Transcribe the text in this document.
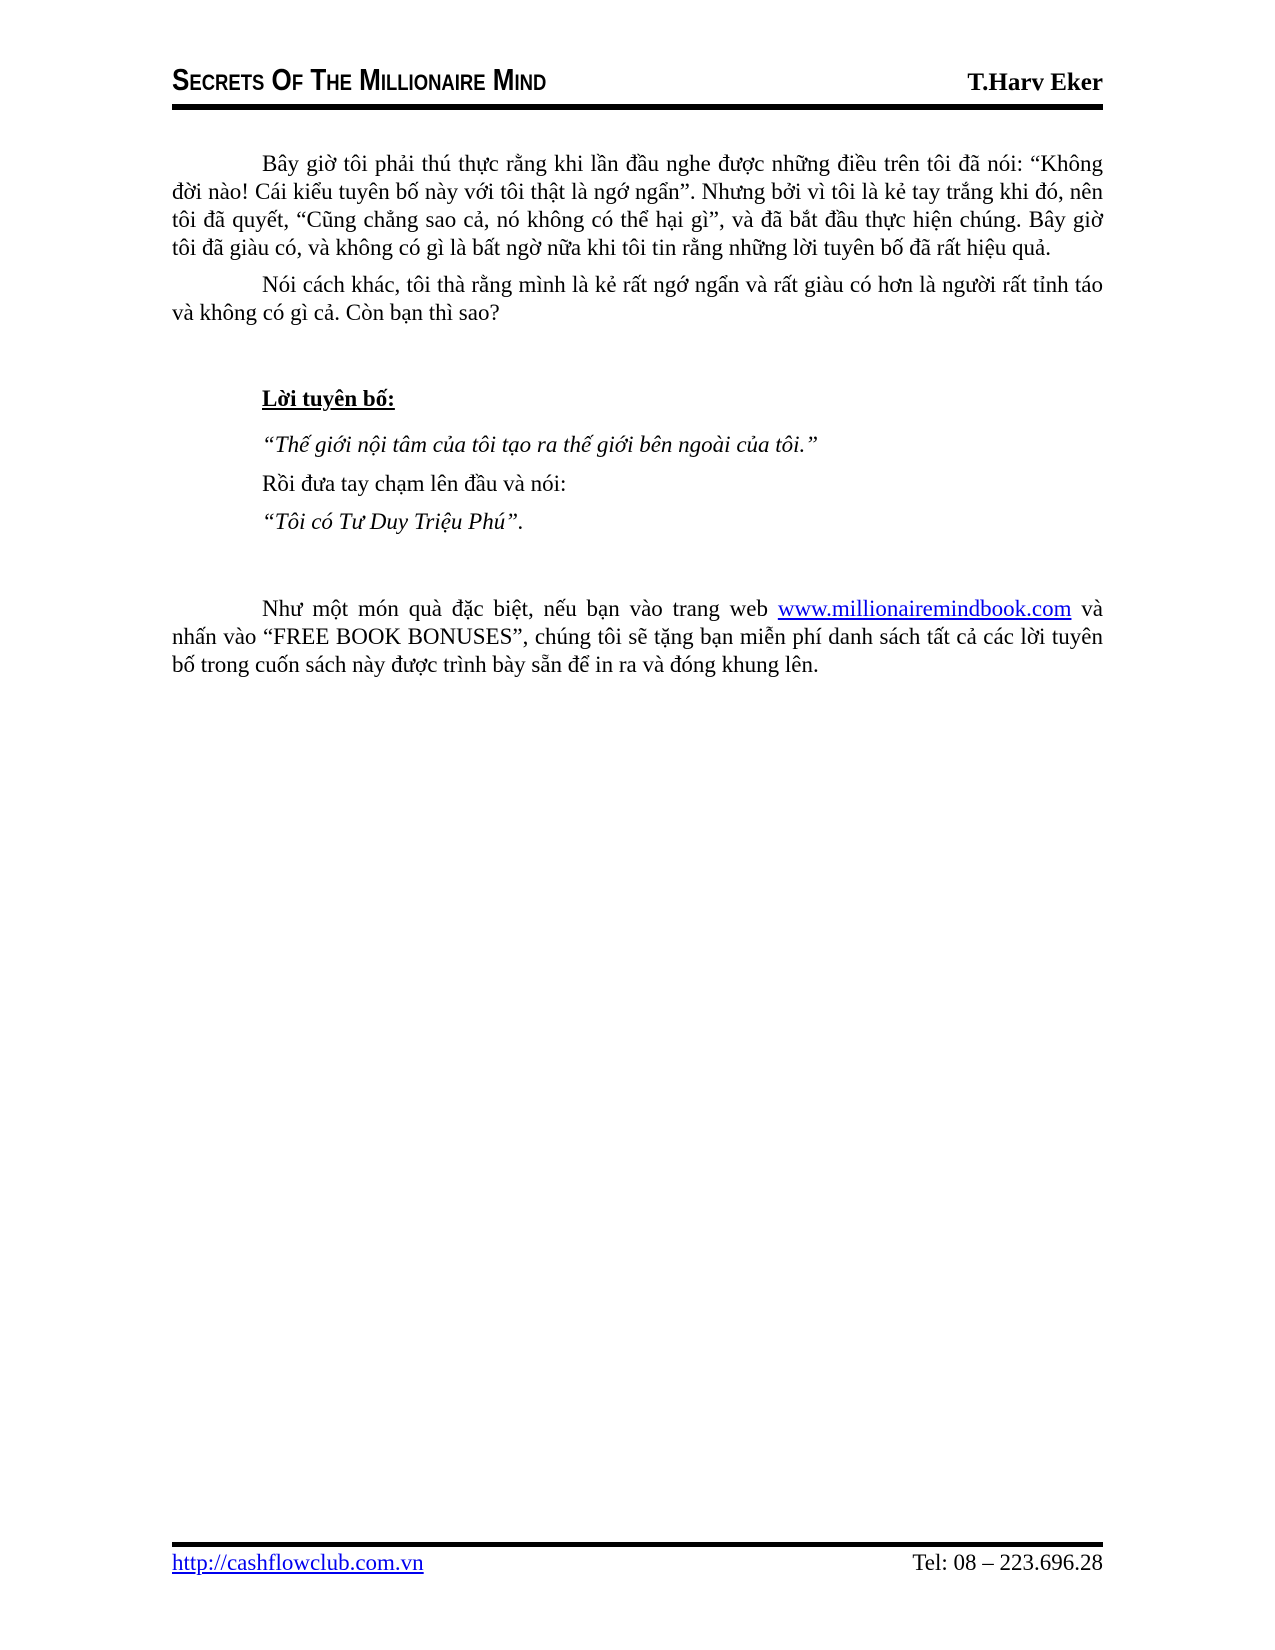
Secrets Of The Millionaire Mind	T.Harv Eker

Bây giờ tôi phải thú thực rằng khi lần đầu nghe được những điều trên tôi đã nói: “Không đời nào! Cái kiểu tuyên bố này với tôi thật là ngớ ngẩn”. Nhưng bởi vì tôi là kẻ tay trắng khi đó, nên tôi đã quyết, “Cũng chẳng sao cả, nó không có thể hại gì”, và đã bắt đầu thực hiện chúng. Bây giờ tôi đã giàu có, và không có gì là bất ngờ nữa khi tôi tin rằng những lời tuyên bố đã rất hiệu quả.

Nói cách khác, tôi thà rằng mình là kẻ rất ngớ ngẩn và rất giàu có hơn là người rất tỉnh táo và không có gì cả. Còn bạn thì sao?

Lời tuyên bố:

“Thế giới nội tâm của tôi tạo ra thế giới bên ngoài của tôi.”

Rồi đưa tay chạm lên đầu và nói:

“Tôi có Tư Duy Triệu Phú”.

Như một món quà đặc biệt, nếu bạn vào trang web www.millionairemindbook.com và nhấn vào “FREE BOOK BONUSES”, chúng tôi sẽ tặng bạn miễn phí danh sách tất cả các lời tuyên bố trong cuốn sách này được trình bày sẵn để in ra và đóng khung lên.

http://cashflowclub.com.vn	Tel: 08 – 223.696.28
